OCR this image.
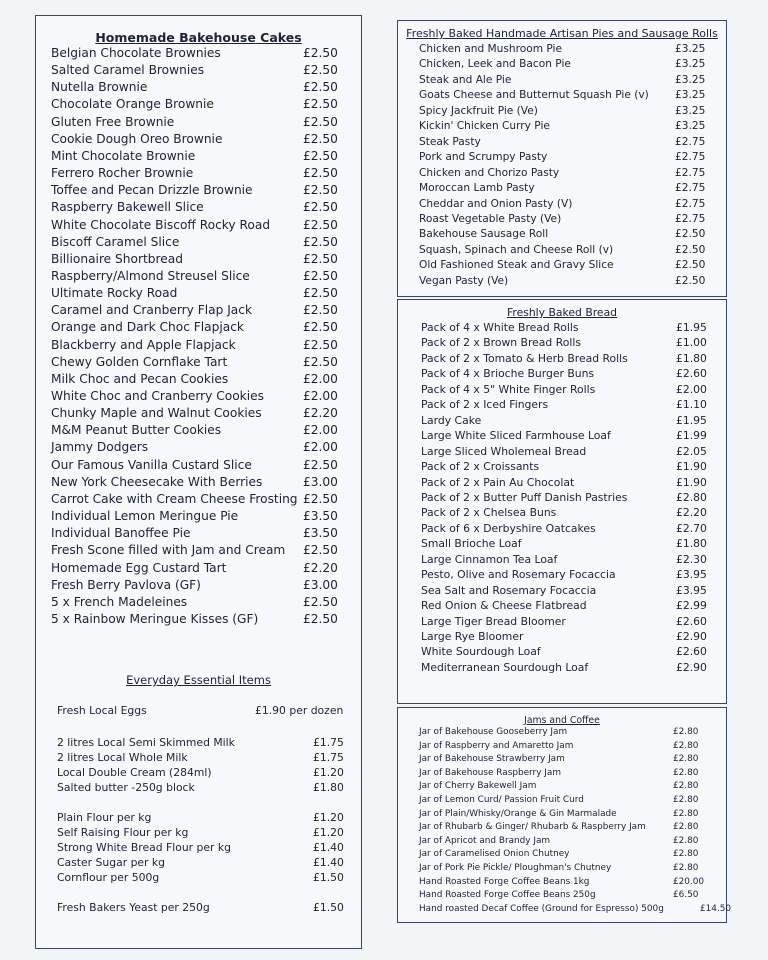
Homemade Bakehouse Cakes
Belgian Chocolate Brownies	£2.50
Salted Caramel Brownies	£2.50
Nutella Brownie	£2.50
Chocolate Orange Brownie	£2.50
Gluten Free Brownie	£2.50
Cookie Dough Oreo Brownie	£2.50
Mint Chocolate Brownie	£2.50
Ferrero Rocher Brownie	£2.50
Toffee and Pecan Drizzle Brownie	£2.50
Raspberry Bakewell Slice	£2.50
White Chocolate Biscoff Rocky Road	£2.50
Biscoff Caramel Slice	£2.50
Billionaire Shortbread	£2.50
Raspberry/Almond Streusel Slice	£2.50
Ultimate Rocky Road	£2.50
Caramel and Cranberry Flap Jack	£2.50
Orange and Dark Choc Flapjack	£2.50
Blackberry and Apple Flapjack	£2.50
Chewy Golden Cornflake Tart	£2.50
Milk Choc and Pecan Cookies	£2.00
White Choc and Cranberry Cookies	£2.00
Chunky Maple and Walnut Cookies	£2.20
M&M Peanut Butter Cookies	£2.00
Jammy Dodgers	£2.00
Our Famous Vanilla Custard Slice	£2.50
New York Cheesecake With Berries	£3.00
Carrot Cake with Cream Cheese Frosting £2.50
Individual Lemon Meringue Pie	£3.50
Individual Banoffee Pie	£3.50
Fresh Scone filled with Jam and Cream £2.50
Homemade Egg Custard Tart	£2.20
Fresh Berry Pavlova (GF)	£3.00
5 x French Madeleines	£2.50
5 x Rainbow Meringue Kisses (GF)	£2.50
Everyday Essential Items
Fresh Local Eggs	£1.90 per dozen
2 litres Local Semi Skimmed Milk	£1.75
2 litres Local Whole Milk	£1.75
Local Double Cream (284ml)	£1.20
Salted butter -250g block	£1.80
Plain Flour per kg	£1.20
Self Raising Flour per kg	£1.20
Strong White Bread Flour per kg	£1.40
Caster Sugar per kg	£1.40
Cornflour per 500g	£1.50
Fresh Bakers Yeast per 250g	£1.50
Freshly Baked Handmade Artisan Pies and Sausage Rolls
Chicken and Mushroom Pie	£3.25
Chicken, Leek and Bacon Pie	£3.25
Steak and Ale Pie	£3.25
Goats Cheese and Butternut Squash Pie (v) £3.25
Spicy Jackfruit Pie (Ve)	£3.25
Kickin' Chicken Curry Pie	£3.25
Steak Pasty	£2.75
Pork and Scrumpy Pasty	£2.75
Chicken and Chorizo Pasty	£2.75
Moroccan Lamb Pasty	£2.75
Cheddar and Onion Pasty (V)	£2.75
Roast Vegetable Pasty (Ve)	£2.75
Bakehouse Sausage Roll	£2.50
Squash, Spinach and Cheese Roll (v)	£2.50
Old Fashioned Steak and Gravy Slice	£2.50
Vegan Pasty (Ve)	£2.50
Freshly Baked Bread
Pack of 4 x White Bread Rolls	£1.95
Pack of 2 x Brown Bread Rolls	£1.00
Pack of 2 x Tomato & Herb Bread Rolls	£1.80
Pack of 4 x Brioche Burger Buns	£2.60
Pack of 4 x 5" White Finger Rolls	£2.00
Pack of 2 x Iced Fingers	£1.10
Lardy Cake	£1.95
Large White Sliced Farmhouse Loaf	£1.99
Large Sliced Wholemeal Bread	£2.05
Pack of 2 x Croissants	£1.90
Pack of 2 x Pain Au Chocolat	£1.90
Pack of 2 x Butter Puff Danish Pastries	£2.80
Pack of 2 x Chelsea Buns	£2.20
Pack of 6 x Derbyshire Oatcakes	£2.70
Small Brioche Loaf	£1.80
Large Cinnamon Tea Loaf	£2.30
Pesto, Olive and Rosemary Focaccia	£3.95
Sea Salt and Rosemary Focaccia	£3.95
Red Onion & Cheese Flatbread	£2.99
Large Tiger Bread Bloomer	£2.60
Large Rye Bloomer	£2.90
White Sourdough Loaf	£2.60
Mediterranean Sourdough Loaf	£2.90
Jams and Coffee
Jar of Bakehouse Gooseberry Jam	£2.80
Jar of Raspberry and Amaretto Jam	£2.80
Jar of Bakehouse Strawberry Jam	£2.80
Jar of Bakehouse Raspberry Jam	£2.80
Jar of Cherry Bakewell Jam	£2.80
Jar of Lemon Curd/ Passion Fruit Curd	£2.80
Jar of Plain/Whisky/Orange & Gin Marmalade	£2.80
Jar of Rhubarb & Ginger/ Rhubarb & Raspberry Jam	£2.80
Jar of Apricot and Brandy Jam	£2.80
Jar of Caramelised Onion Chutney	£2.80
Jar of Pork Pie Pickle/ Ploughman's Chutney	£2.80
Hand Roasted Forge Coffee Beans 1kg	£20.00
Hand Roasted Forge Coffee Beans 250g	£6.50
Hand roasted Decaf Coffee (Ground for Espresso) 500g	£14.50
